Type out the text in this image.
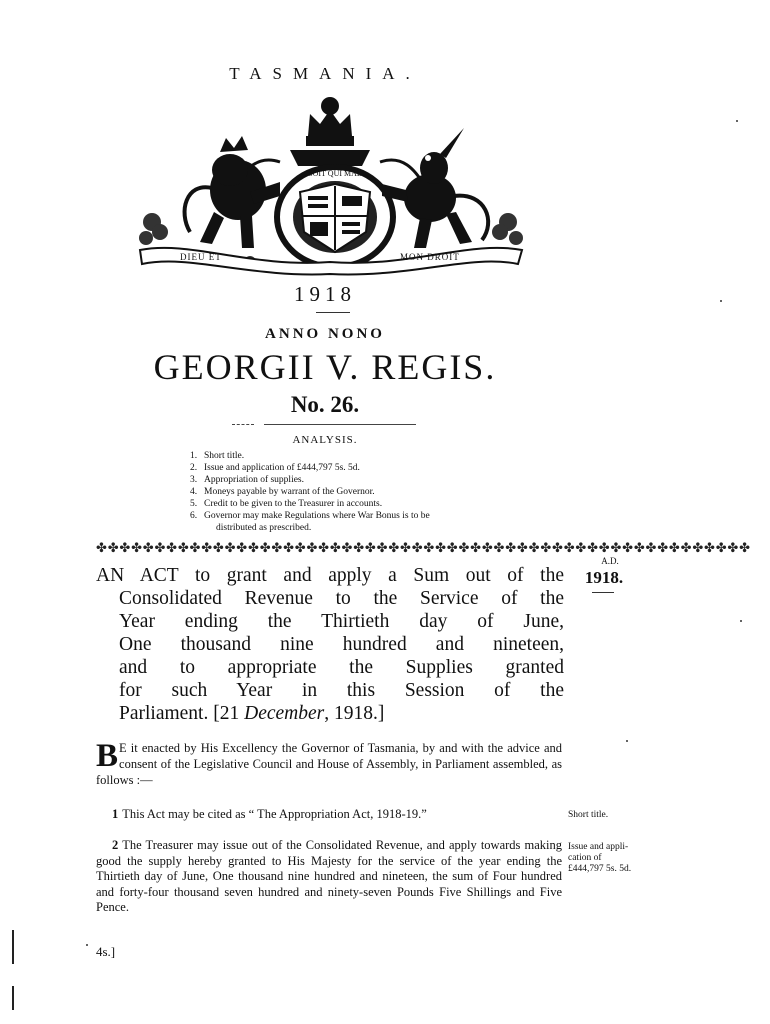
TASMANIA.
SOIT QUI MAL
DIEU ET	MON DROIT
1918
ANNO NONO
GEORGII V. REGIS.
No. 26.
ANALYSIS.
1. Short title.
2. Issue and application of £444,797 5s. 5d.
3. Appropriation of supplies.
4. Moneys payable by warrant of the Governor.
5. Credit to be given to the Treasurer in accounts.
6. Governor may make Regulations where War Bonus is to be
distributed as prescribed.
✤✤✤✤✤✤✤✤✤✤✤✤✤✤✤✤✤✤✤✤✤✤✤✤✤✤✤✤✤✤✤✤✤✤✤✤✤✤✤✤✤✤✤✤✤✤✤✤✤✤✤✤✤✤✤✤
AN ACT to grant and apply a Sum out of the
Consolidated Revenue to the Service of the
Year ending the Thirtieth day of June,
One thousand nine hundred and nineteen,
and to appropriate the Supplies granted
for such Year in this Session of the
Parliament. [21 December, 1918.]
A.D.
1918.
B E it enacted by His Excellency the Governor of Tasmania, by and with the advice and consent of the Legislative Council and House of Assembly, in Parliament assembled, as follows :—
1 This Act may be cited as “ The Appropriation Act, 1918-19.”	Short title.
2 The Treasurer may issue out of the Consolidated Revenue, and apply towards making good the supply hereby granted to His Majesty for the service of the year ending the Thirtieth day of June, One thousand nine hundred and nineteen, the sum of Four hundred and forty-four thousand seven hundred and ninety-seven Pounds Five Shillings and Five Pence.
Issue and appli-
cation of
£444,797 5s. 5d.
4s.]
